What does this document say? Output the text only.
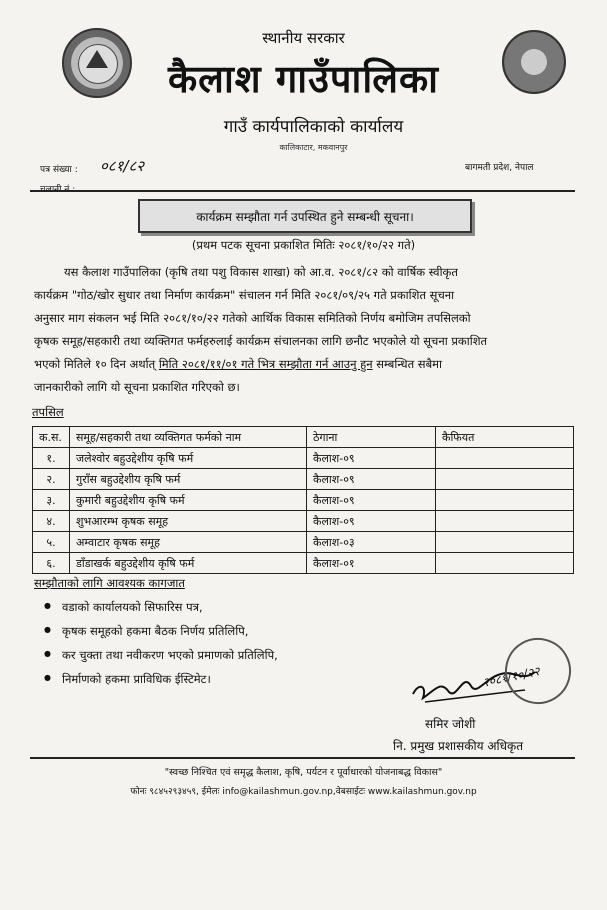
स्थानीय सरकार
कैलाश गाउँपालिका
गाउँ कार्यपालिकाको कार्यालय
कालिकाटार, मकवानपुर
पत्र संख्या : ०८१/८२	बागमती प्रदेश, नेपाल
कार्यक्रम सम्झौता गर्न उपस्थित हुने सम्बन्धी सूचना।
(प्रथम पटक सूचना प्रकाशित मितिः २०८१/१०/२२ गते)
यस कैलाश गाउँपालिका (कृषि तथा पशु विकास शाखा) को आ.व. २०८१/८२ को वार्षिक स्वीकृत
कार्यक्रम "गोठ/खोर सुधार तथा निर्माण कार्यक्रम" संचालन गर्न मिति २०८१/०९/२५ गते प्रकाशित सूचना
अनुसार माग संकलन भई मिति २०८१/१०/२२ गतेको आर्थिक विकास समितिको निर्णय बमोजिम तपसिलको
कृषक समूह/सहकारी तथा व्यक्तिगत फर्महरुलाई कार्यक्रम संचालनका लागि छनौट भएकोले यो सूचना प्रकाशित
भएको मितिले १० दिन अर्थात् मिति २०८१/११/०१ गते भित्र सम्झौता गर्न आउनु हुन सम्बन्धित सबैमा
जानकारीको लागि यो सूचना प्रकाशित गरिएको छ।
तपसिल
क.स.	समूह/सहकारी तथा व्यक्तिगत फर्मको नाम	ठेगाना	कैफियत
१.	जलेश्वोर बहुउद्देशीय कृषि फर्म	कैलाश-०९	
२.	गुराँस बहुउद्देशीय कृषि फर्म	कैलाश-०९	
३.	कुमारी बहुउद्देशीय कृषि फर्म	कैलाश-०९	
४.	शुभआरम्भ कृषक समूह	कैलाश-०९	
५.	अम्वाटार कृषक समूह	कैलाश-०३	
६.	डाँडाखर्क बहुउद्देशीय कृषि फर्म	कैलाश-०१	
सम्झौताको लागि आवश्यक कागजात
● वडाको कार्यालयको सिफारिस पत्र,
● कृषक समूहको हकमा बैठक निर्णय प्रतिलिपि,
● कर चुक्ता तथा नवीकरण भएको प्रमाणको प्रतिलिपि,
● निर्माणको हकमा प्राविधिक ईस्टिमेट।	२०८१/१०/२२
समिर जोशी
नि. प्रमुख प्रशासकीय अधिकृत
"स्वच्छ निश्चित एवं समृद्ध कैलाश, कृषि, पर्यटन र पूर्वाधारको योजनाबद्ध विकास"
फोनः ९८४५२९३४५९, ईमेलः info@kailashmun.gov.np,वेबसाईटः www.kailashmun.gov.np
